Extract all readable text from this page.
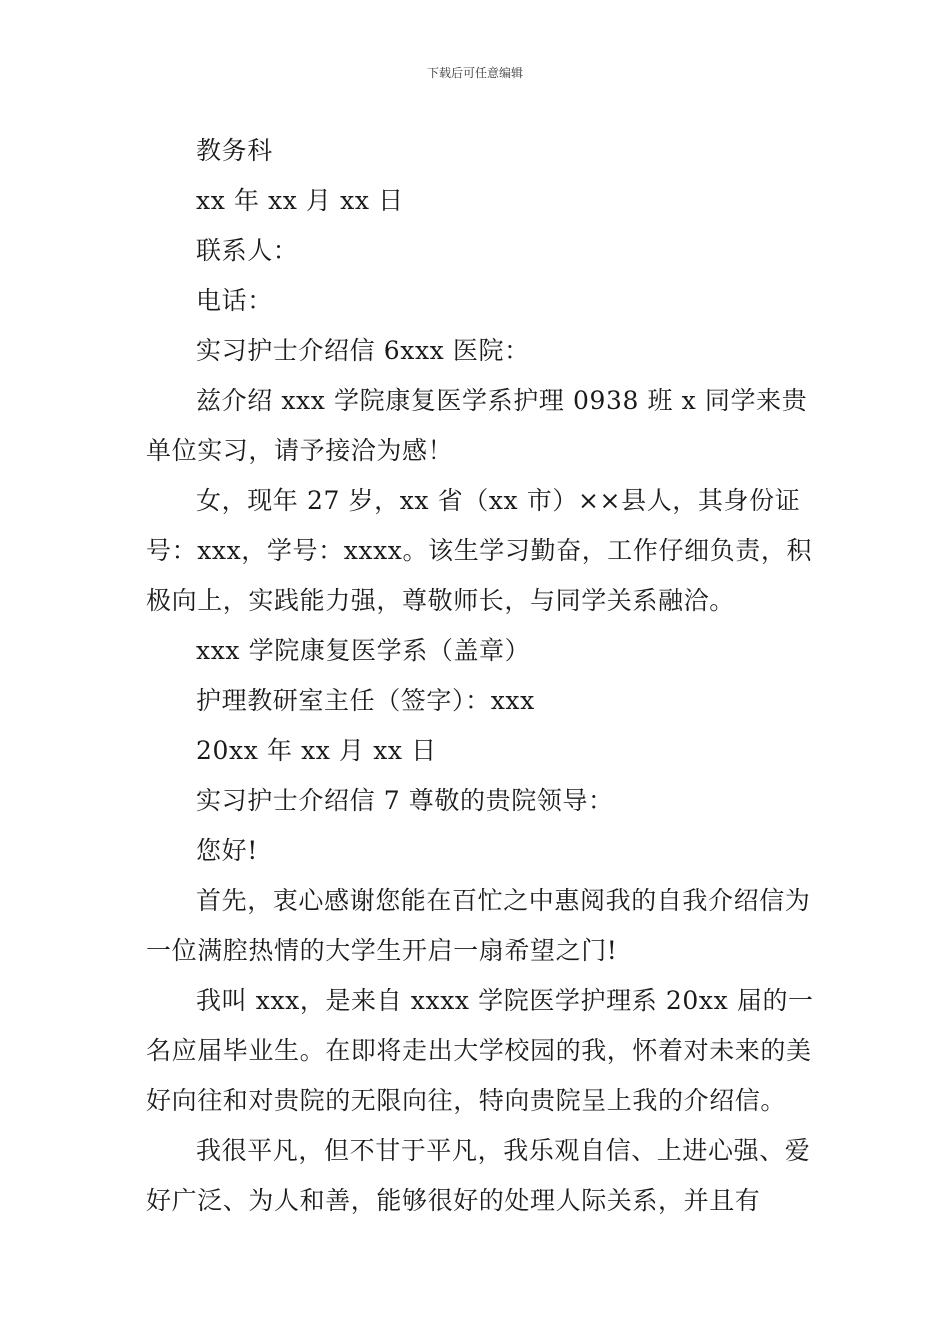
下载后可任意编辑

教务科

xx 年 xx 月 xx 日

联系人：

电话：

实习护士介绍信 6xxx 医院：

兹介绍 xxx 学院康复医学系护理 0938 班 x 同学来贵单位实习，请予接洽为感！

女，现年 27 岁，xx 省（xx 市）××县人，其身份证号：xxx，学号：xxxx。该生学习勤奋，工作仔细负责，积极向上，实践能力强，尊敬师长，与同学关系融洽。

xxx 学院康复医学系（盖章）

护理教研室主任（签字）：xxx

20xx 年 xx 月 xx 日

实习护士介绍信 7 尊敬的贵院领导：

您好!

首先，衷心感谢您能在百忙之中惠阅我的自我介绍信为一位满腔热情的大学生开启一扇希望之门!

我叫 xxx，是来自 xxxx 学院医学护理系 20xx 届的一名应届毕业生。在即将走出大学校园的我，怀着对未来的美好向往和对贵院的无限向往，特向贵院呈上我的介绍信。

我很平凡，但不甘于平凡，我乐观自信、上进心强、爱好广泛、为人和善，能够很好的处理人际关系，并且有
